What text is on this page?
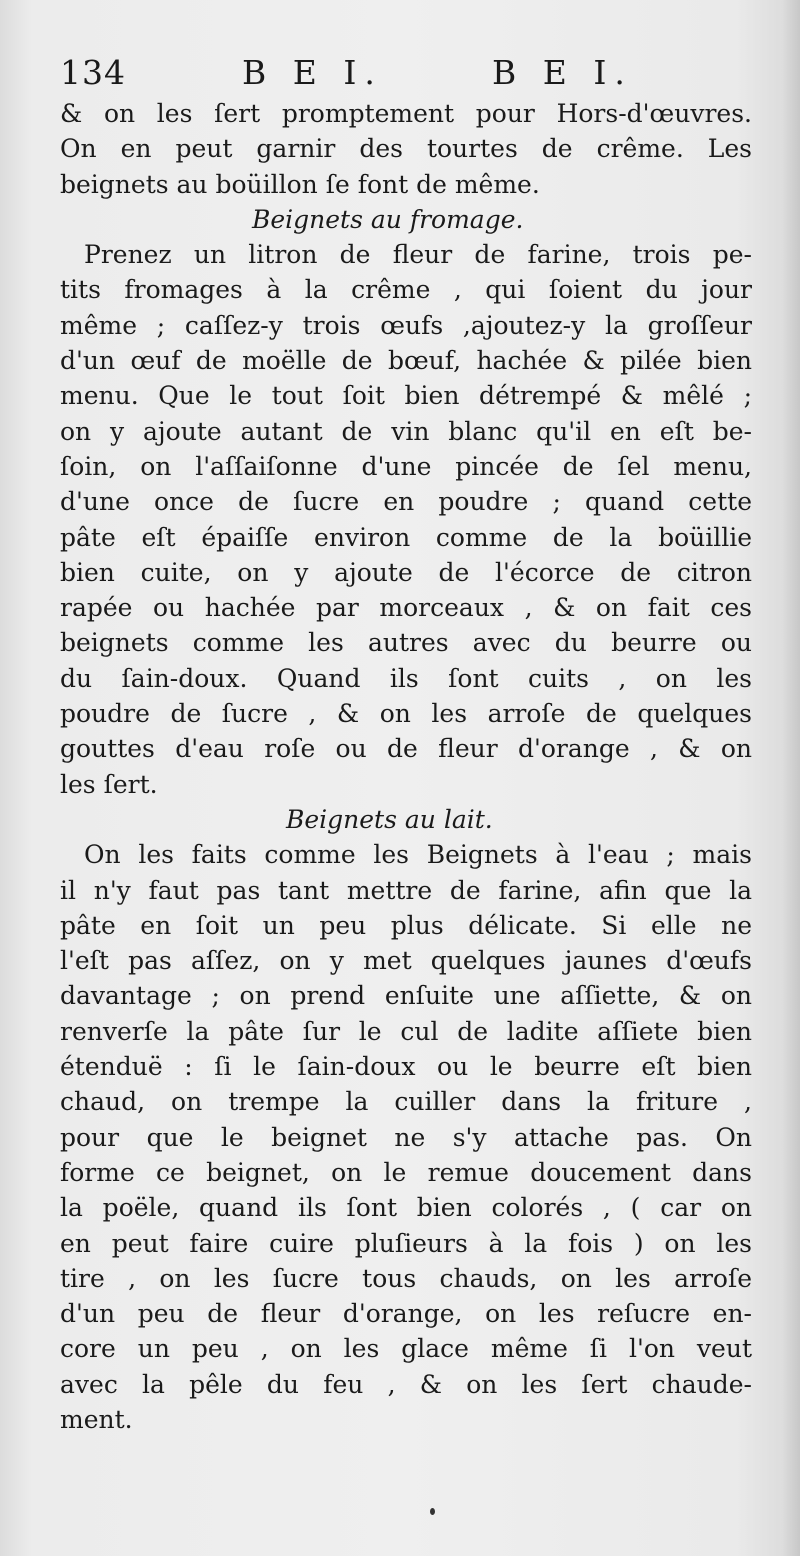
134	B E I.	B E I.
& on les ſert promptement pour Hors-d'œuvres.
On en peut garnir des tourtes de crême. Les
beignets au boüillon ſe font de même.
Beignets au fromage.
Prenez un litron de fleur de farine, trois pe-
tits fromages à la crême , qui ſoient du jour
même ; caſſez-y trois œufs ,ajoutez-y la groſſeur
d'un œuf de moëlle de bœuf, hachée & pilée bien
menu. Que le tout ſoit bien détrempé & mêlé ;
on y ajoute autant de vin blanc qu'il en eſt be-
ſoin, on l'aſſaiſonne d'une pincée de ſel menu,
d'une once de ſucre en poudre ; quand cette
pâte eſt épaiſſe environ comme de la boüillie
bien cuite, on y ajoute de l'écorce de citron
rapée ou hachée par morceaux , & on fait ces
beignets comme les autres avec du beurre ou
du ſain-doux. Quand ils ſont cuits , on les
poudre de ſucre , & on les arroſe de quelques
gouttes d'eau roſe ou de fleur d'orange , & on
les ſert.
Beignets au lait.
On les faits comme les Beignets à l'eau ; mais
il n'y faut pas tant mettre de farine, afin que la
pâte en ſoit un peu plus délicate. Si elle ne
l'eſt pas aſſez, on y met quelques jaunes d'œufs
davantage ; on prend enſuite une aſſiette, & on
renverſe la pâte ſur le cul de ladite aſſiete bien
étenduë : ſi le ſain-doux ou le beurre eſt bien
chaud, on trempe la cuiller dans la friture ,
pour que le beignet ne s'y attache pas. On
forme ce beignet, on le remue doucement dans
la poële, quand ils ſont bien colorés , ( car on
en peut faire cuire pluſieurs à la fois ) on les
tire , on les ſucre tous chauds, on les arroſe
d'un peu de fleur d'orange, on les reſucre en-
core un peu , on les glace même ſi l'on veut
avec la pêle du feu , & on les ſert chaude-
ment.
